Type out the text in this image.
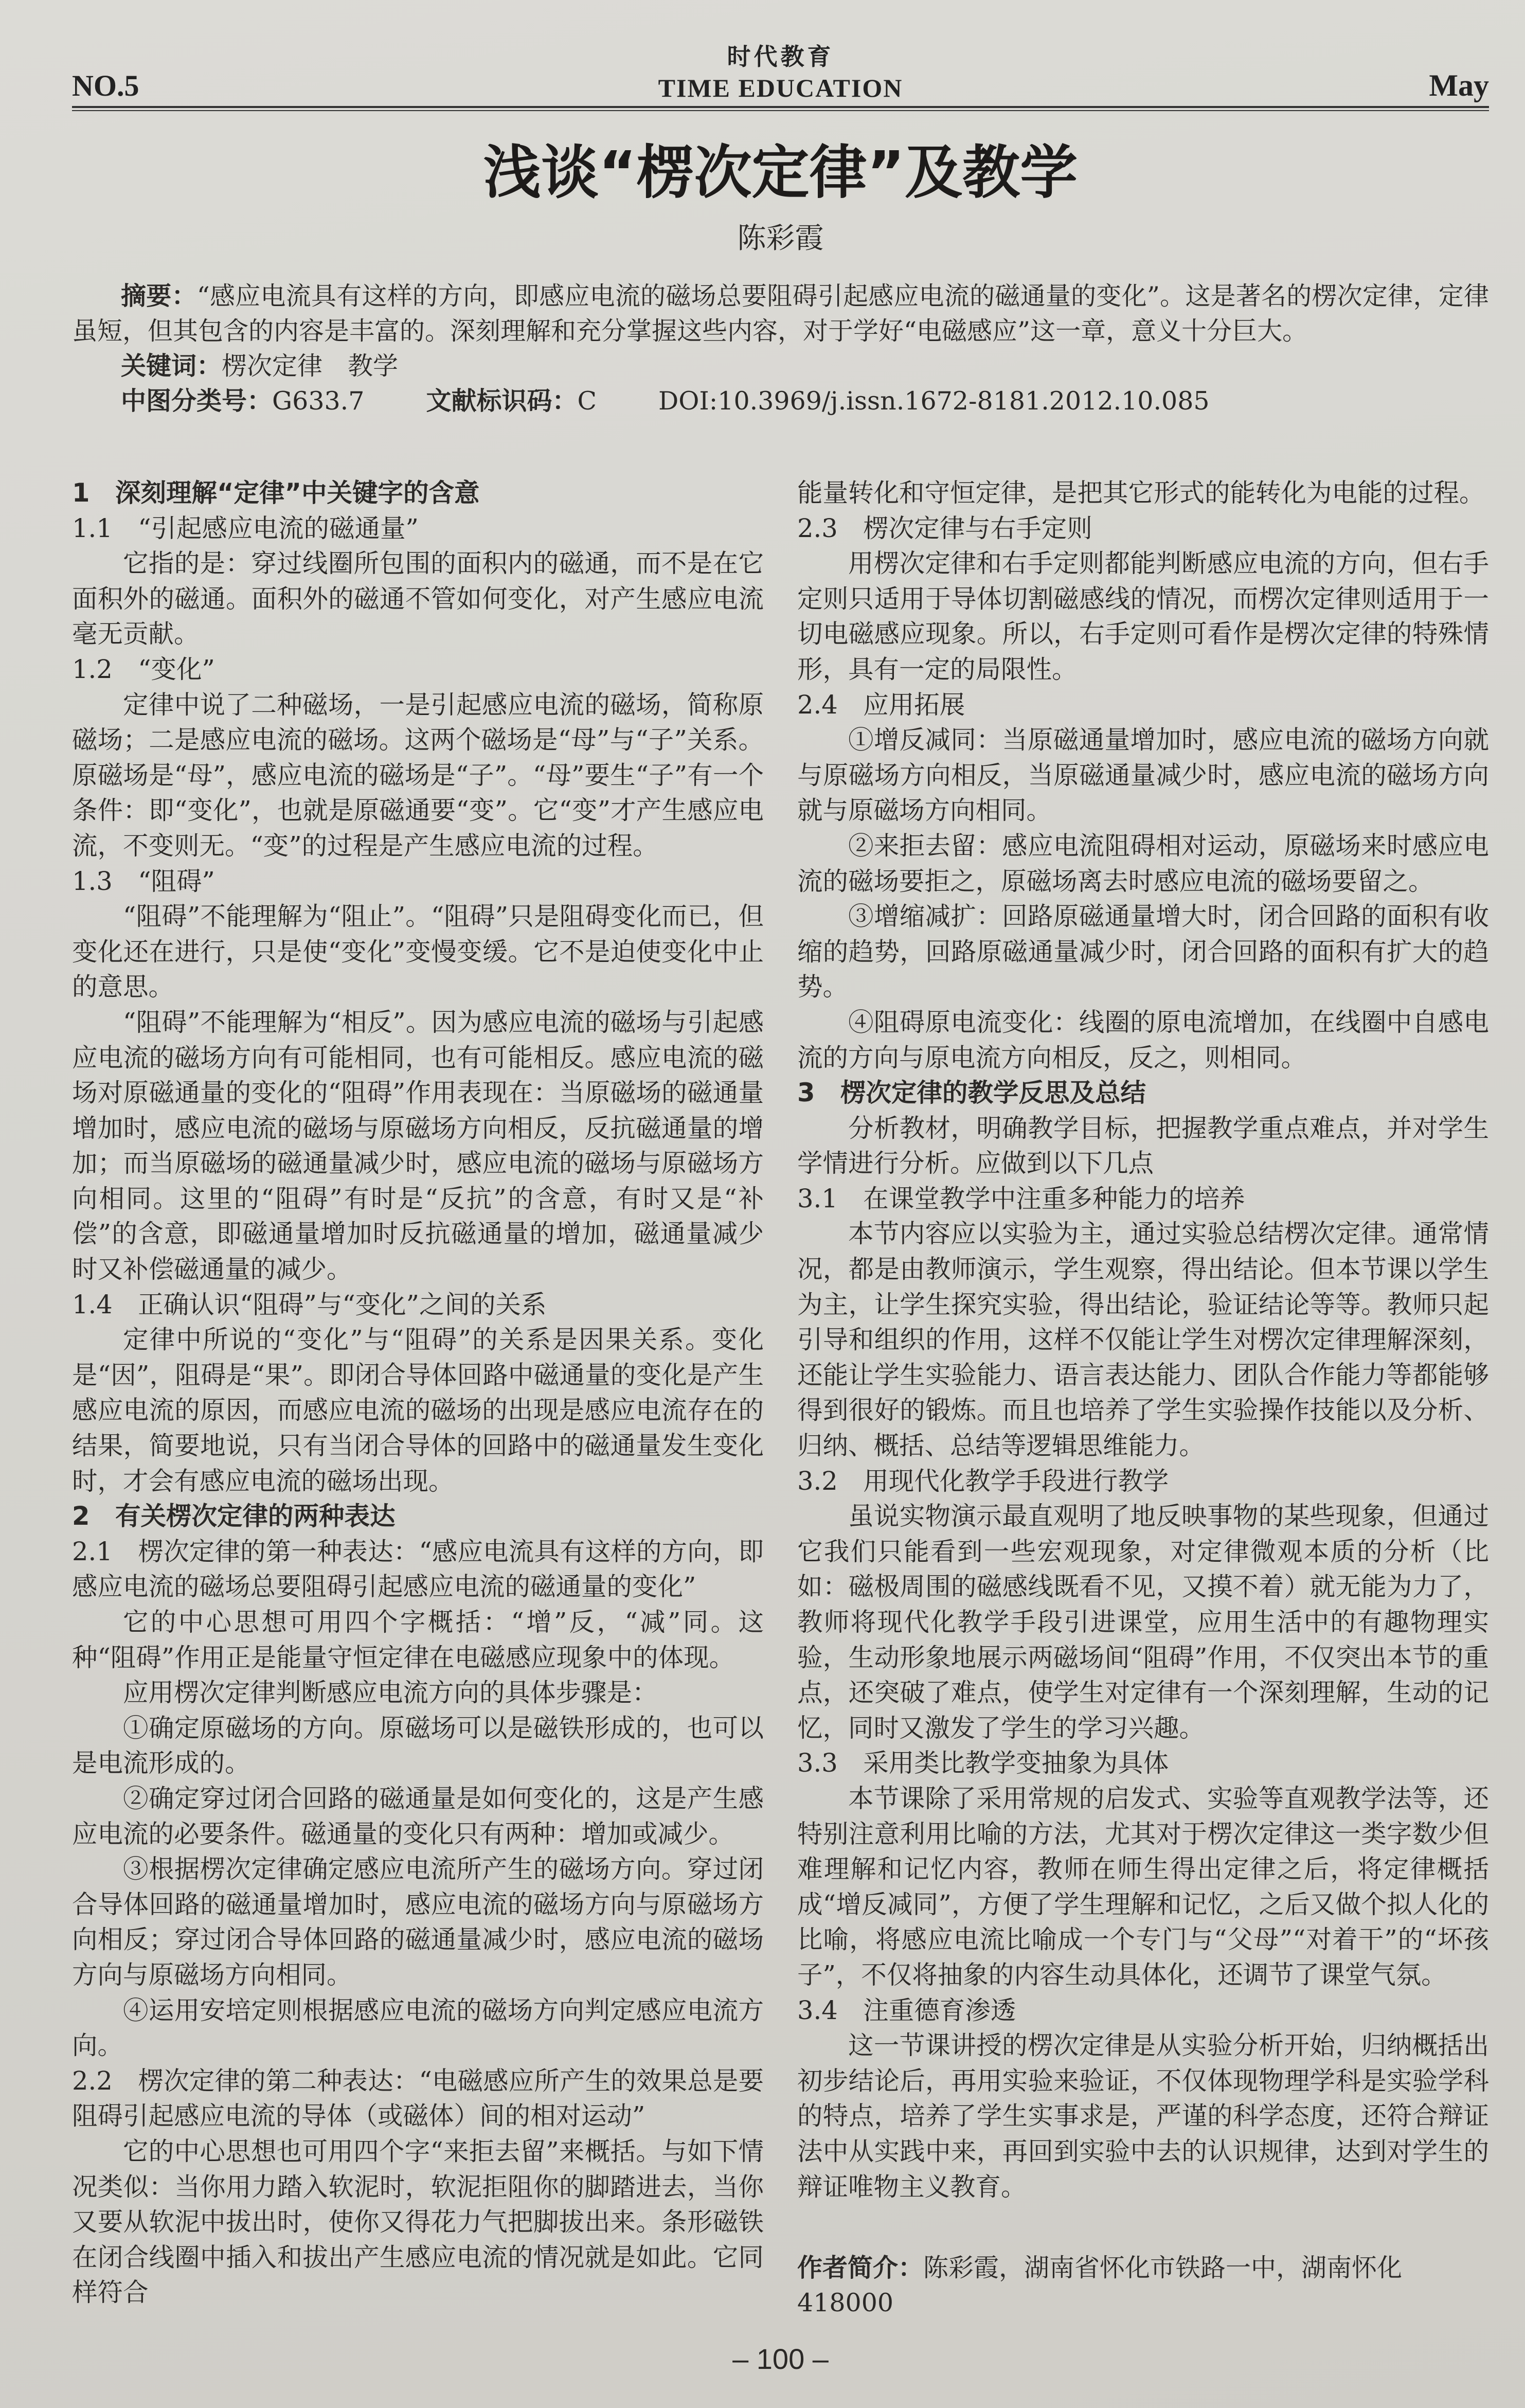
NO.5
时代教育
TIME EDUCATION	May
浅谈“楞次定律”及教学
陈彩霞
摘要：“感应电流具有这样的方向，即感应电流的磁场总要阻碍引起感应电流的磁通量的变化”。这是著名的楞次定律，定律虽短，但其包含的内容是丰富的。深刻理解和充分掌握这些内容，对于学好“电磁感应”这一章，意义十分巨大。
关键词：楞次定律　教学
中图分类号：G633.7 文献标识码：C DOI:10.3969/j.issn.1672-8181.2012.10.085
1　深刻理解“定律”中关键字的含意
1.1　“引起感应电流的磁通量”
它指的是：穿过线圈所包围的面积内的磁通，而不是在它面积外的磁通。面积外的磁通不管如何变化，对产生感应电流毫无贡献。
1.2　“变化”
定律中说了二种磁场，一是引起感应电流的磁场，简称原磁场；二是感应电流的磁场。这两个磁场是“母”与“子”关系。原磁场是“母”，感应电流的磁场是“子”。“母”要生“子”有一个条件：即“变化”，也就是原磁通要“变”。它“变”才产生感应电流，不变则无。“变”的过程是产生感应电流的过程。
1.3　“阻碍”
“阻碍”不能理解为“阻止”。“阻碍”只是阻碍变化而已，但变化还在进行，只是使“变化”变慢变缓。它不是迫使变化中止的意思。
“阻碍”不能理解为“相反”。因为感应电流的磁场与引起感应电流的磁场方向有可能相同，也有可能相反。感应电流的磁场对原磁通量的变化的“阻碍”作用表现在：当原磁场的磁通量增加时，感应电流的磁场与原磁场方向相反，反抗磁通量的增加；而当原磁场的磁通量减少时，感应电流的磁场与原磁场方向相同。这里的“阻碍”有时是“反抗”的含意，有时又是“补偿”的含意，即磁通量增加时反抗磁通量的增加，磁通量减少时又补偿磁通量的减少。
1.4　正确认识“阻碍”与“变化”之间的关系
定律中所说的“变化”与“阻碍”的关系是因果关系。变化是“因”，阻碍是“果”。即闭合导体回路中磁通量的变化是产生感应电流的原因，而感应电流的磁场的出现是感应电流存在的结果，简要地说，只有当闭合导体的回路中的磁通量发生变化时，才会有感应电流的磁场出现。
2　有关楞次定律的两种表达
2.1　楞次定律的第一种表达：“感应电流具有这样的方向，即感应电流的磁场总要阻碍引起感应电流的磁通量的变化”
它的中心思想可用四个字概括：“增”反，“减”同。这种“阻碍”作用正是能量守恒定律在电磁感应现象中的体现。
应用楞次定律判断感应电流方向的具体步骤是：
①确定原磁场的方向。原磁场可以是磁铁形成的，也可以是电流形成的。
②确定穿过闭合回路的磁通量是如何变化的，这是产生感应电流的必要条件。磁通量的变化只有两种：增加或减少。
③根据楞次定律确定感应电流所产生的磁场方向。穿过闭合导体回路的磁通量增加时，感应电流的磁场方向与原磁场方向相反；穿过闭合导体回路的磁通量减少时，感应电流的磁场方向与原磁场方向相同。
④运用安培定则根据感应电流的磁场方向判定感应电流方向。
2.2　楞次定律的第二种表达：“电磁感应所产生的效果总是要阻碍引起感应电流的导体（或磁体）间的相对运动”
它的中心思想也可用四个字“来拒去留”来概括。与如下情况类似：当你用力踏入软泥时，软泥拒阻你的脚踏进去，当你又要从软泥中拔出时，使你又得花力气把脚拔出来。条形磁铁在闭合线圈中插入和拔出产生感应电流的情况就是如此。它同样符合
能量转化和守恒定律，是把其它形式的能转化为电能的过程。
2.3　楞次定律与右手定则
用楞次定律和右手定则都能判断感应电流的方向，但右手定则只适用于导体切割磁感线的情况，而楞次定律则适用于一切电磁感应现象。所以，右手定则可看作是楞次定律的特殊情形，具有一定的局限性。
2.4　应用拓展
①增反减同：当原磁通量增加时，感应电流的磁场方向就与原磁场方向相反，当原磁通量减少时，感应电流的磁场方向就与原磁场方向相同。
②来拒去留：感应电流阻碍相对运动，原磁场来时感应电流的磁场要拒之，原磁场离去时感应电流的磁场要留之。
③增缩减扩：回路原磁通量增大时，闭合回路的面积有收缩的趋势，回路原磁通量减少时，闭合回路的面积有扩大的趋势。
④阻碍原电流变化：线圈的原电流增加，在线圈中自感电流的方向与原电流方向相反，反之，则相同。
3　楞次定律的教学反思及总结
分析教材，明确教学目标，把握教学重点难点，并对学生学情进行分析。应做到以下几点
3.1　在课堂教学中注重多种能力的培养
本节内容应以实验为主，通过实验总结楞次定律。通常情况，都是由教师演示，学生观察，得出结论。但本节课以学生为主，让学生探究实验，得出结论，验证结论等等。教师只起引导和组织的作用，这样不仅能让学生对楞次定律理解深刻，还能让学生实验能力、语言表达能力、团队合作能力等都能够得到很好的锻炼。而且也培养了学生实验操作技能以及分析、归纳、概括、总结等逻辑思维能力。
3.2　用现代化教学手段进行教学
虽说实物演示最直观明了地反映事物的某些现象，但通过它我们只能看到一些宏观现象，对定律微观本质的分析（比如：磁极周围的磁感线既看不见，又摸不着）就无能为力了，教师将现代化教学手段引进课堂，应用生活中的有趣物理实验，生动形象地展示两磁场间“阻碍”作用，不仅突出本节的重点，还突破了难点，使学生对定律有一个深刻理解，生动的记忆，同时又激发了学生的学习兴趣。
3.3　采用类比教学变抽象为具体
本节课除了采用常规的启发式、实验等直观教学法等，还特别注意利用比喻的方法，尤其对于楞次定律这一类字数少但难理解和记忆内容，教师在师生得出定律之后，将定律概括成“增反减同”，方便了学生理解和记忆，之后又做个拟人化的比喻，将感应电流比喻成一个专门与“父母”“对着干”的“坏孩子”，不仅将抽象的内容生动具体化，还调节了课堂气氛。
3.4　注重德育渗透
这一节课讲授的楞次定律是从实验分析开始，归纳概括出初步结论后，再用实验来验证，不仅体现物理学科是实验学科的特点，培养了学生实事求是，严谨的科学态度，还符合辩证法中从实践中来，再回到实验中去的认识规律，达到对学生的辩证唯物主义教育。
作者简介：陈彩霞，湖南省怀化市铁路一中，湖南怀化　418000
– 100 –
